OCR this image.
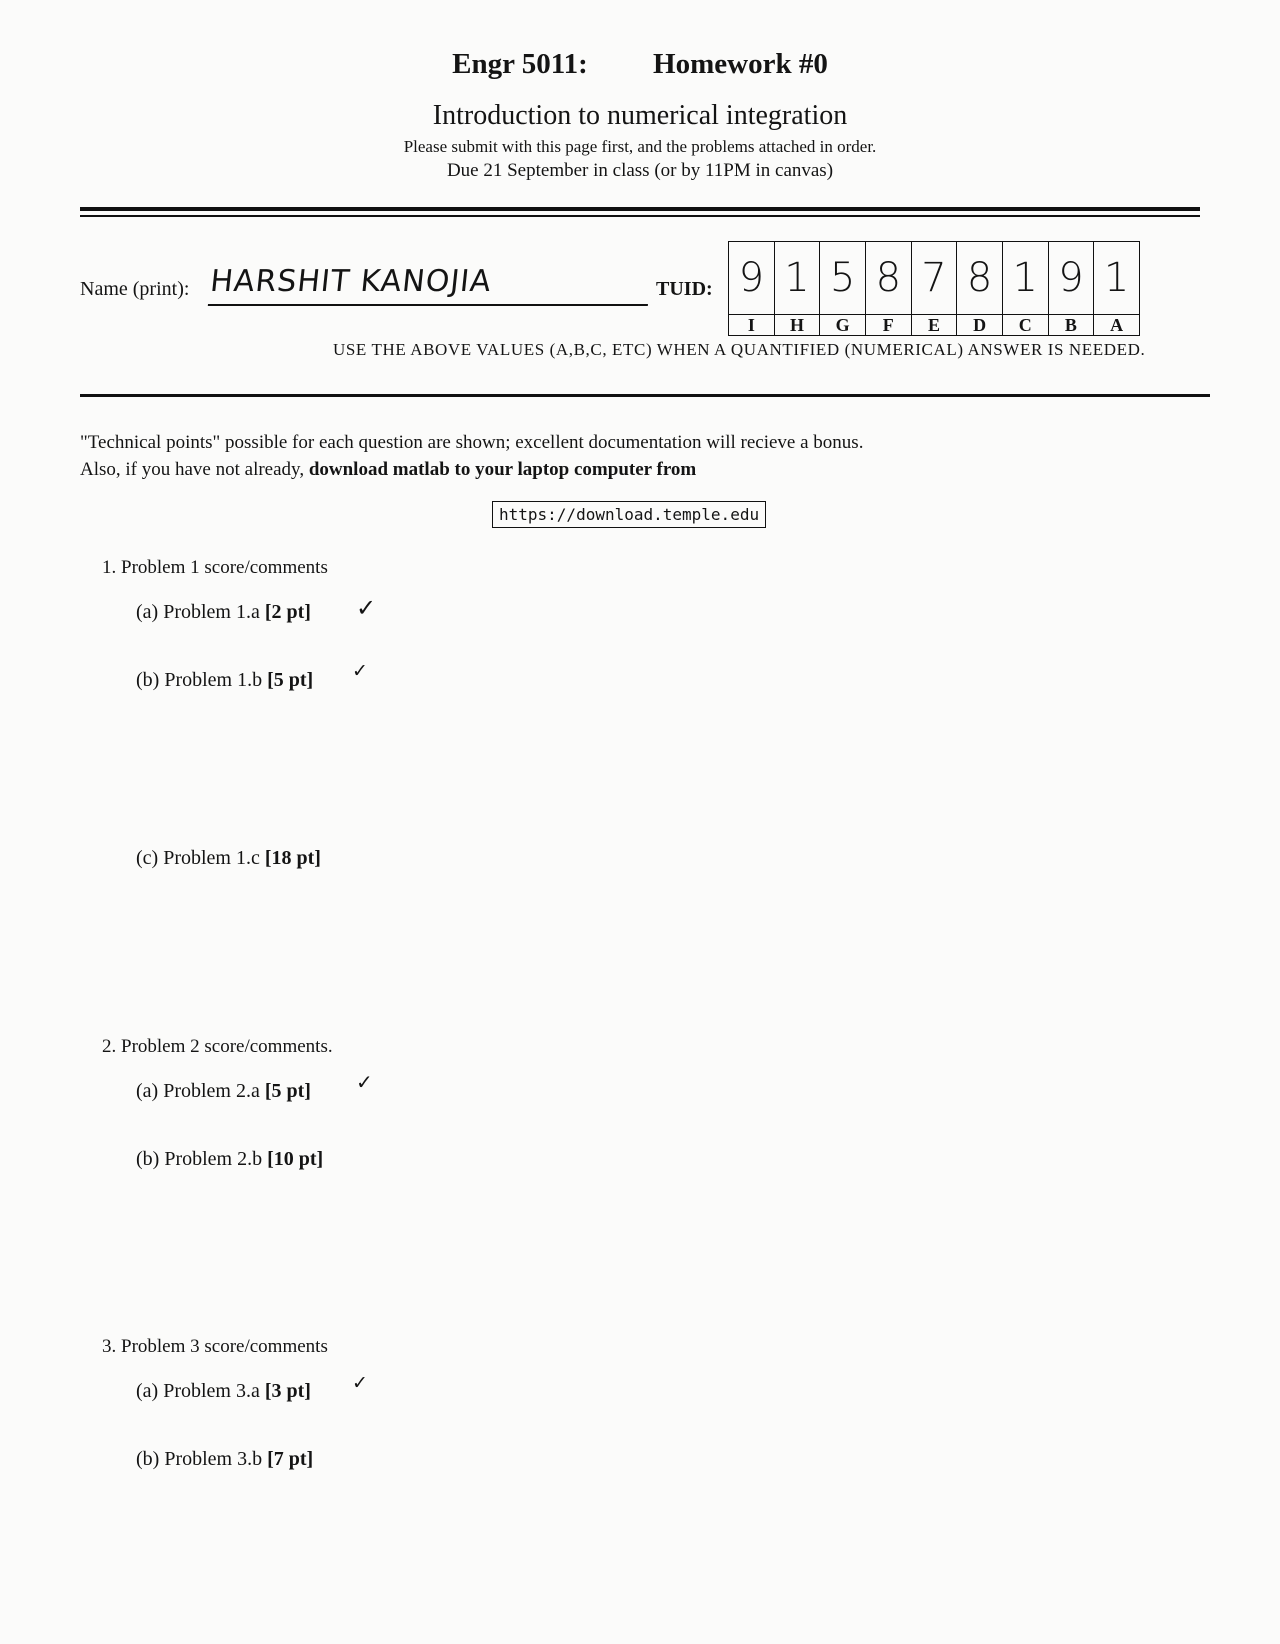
Engr 5011: Homework #0
Introduction to numerical integration
Please submit with this page first, and the problems attached in order.
Due 21 September in class (or by 11PM in canvas)
Name (print): HARSHIT KANOJIA	TUID: 9	1	5	8	7	8	1	9	1
I	H	G	F	E	D	C	B	A
USE THE ABOVE VALUES (A,B,C, ETC) WHEN A QUANTIFIED (NUMERICAL) ANSWER IS NEEDED.
"Technical points" possible for each question are shown; excellent documentation will recieve a bonus.
Also, if you have not already, download matlab to your laptop computer from
https://download.temple.edu
1. Problem 1 score/comments
(a) Problem 1.a [2 pt] ✓
(b) Problem 1.b [5 pt] ✓
(c) Problem 1.c [18 pt]
2. Problem 2 score/comments.
(a) Problem 2.a [5 pt] ✓
(b) Problem 2.b [10 pt]
3. Problem 3 score/comments
(a) Problem 3.a [3 pt] ✓
(b) Problem 3.b [7 pt]
